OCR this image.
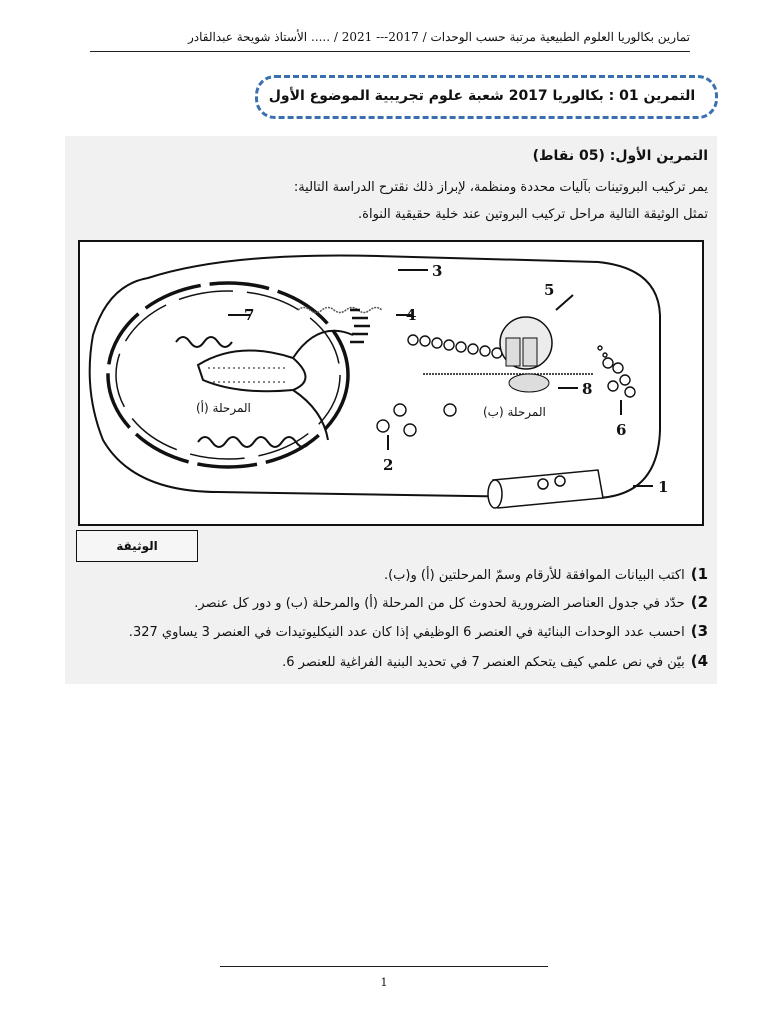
تمارين بكالوريا العلوم الطبيعية مرتبة حسب الوحدات / 2017--- 2021 / ..... الأستاذ شويحة عبدالقادر
التمرين 01 : بكالوريا 2017 شعبة علوم تجريبية الموضوع الأول
التمرين الأول: (05 نقاط)
يمر تركيب البروتينات بآليات محددة ومنظمة، لإبراز ذلك نقترح الدراسة التالية:
تمثل الوثيقة التالية مراحل تركيب البروتين عند خلية حقيقية النواة.
المرحلة (أ)	المرحلة (ب)
3
4
5
7
8
6
2
1
الوثيقة
1)اكتب البيانات الموافقة للأرقام وسمّ المرحلتين (أ) و(ب).
2)حدّد في جدول العناصر الضرورية لحدوث كل من المرحلة (أ) والمرحلة (ب) و دور كل عنصر.
3)احسب عدد الوحدات البنائية في العنصر 6 الوظيفي إذا كان عدد النيكليوتيدات في العنصر 3 يساوي 327.
4)بيّن في نص علمي كيف يتحكم العنصر 7 في تحديد البنية الفراغية للعنصر 6.
1
